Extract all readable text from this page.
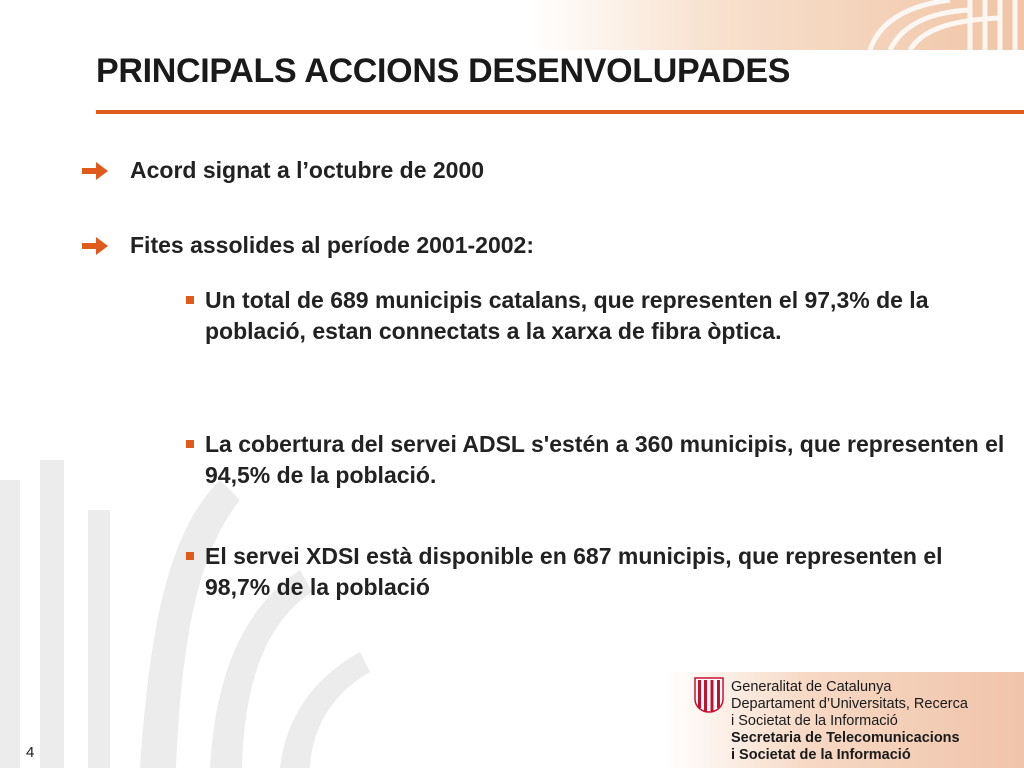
PRINCIPALS ACCIONS DESENVOLUPADES
Acord signat a l’octubre de 2000
Fites assolides al període 2001-2002:
Un total de 689 municipis catalans, que representen el 97,3% de la població, estan connectats a la xarxa de fibra òptica.
La cobertura del servei ADSL s'estén a 360 municipis, que representen el 94,5% de la població.
El servei XDSI està disponible en 687 municipis, que representen el 98,7% de la població
Generalitat de Catalunya
Departament d’Universitats, Recerca
i Societat de la Informació
Secretaria de Telecomunicacions
i Societat de la Informació
4
